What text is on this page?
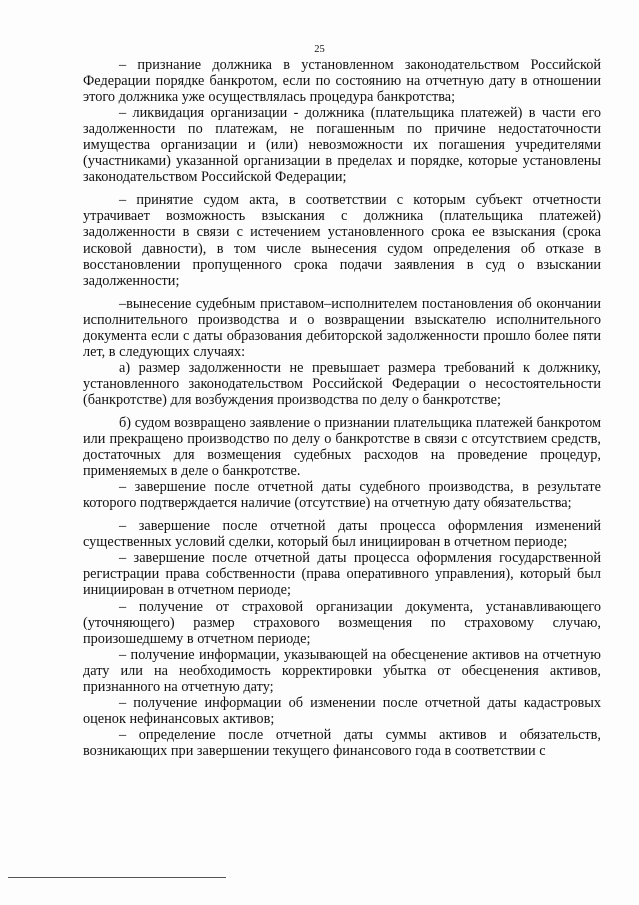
25

– признание должника в установленном законодательством Российской Федерации порядке банкротом, если по состоянию на отчетную дату в отношении этого должника уже осуществлялась процедура банкротства;

– ликвидация организации - должника (плательщика платежей) в части его задолженности по платежам, не погашенным по причине недостаточности имущества организации и (или) невозможности их погашения учредителями (участниками) указанной организации в пределах и порядке, которые установлены законодательством Российской Федерации;

– принятие судом акта, в соответствии с которым субъект отчетности утрачивает возможность взыскания с должника (плательщика платежей) задолженности в связи с истечением установленного срока ее взыскания (срока исковой давности), в том числе вынесения судом определения об отказе в восстановлении пропущенного срока подачи заявления в суд о взыскании задолженности;

–вынесение судебным приставом–исполнителем постановления об окончании исполнительного производства и о возвращении взыскателю исполнительного документа если с даты образования дебиторской задолженности прошло более пяти лет, в следующих случаях:

а) размер задолженности не превышает размера требований к должнику, установленного законодательством Российской Федерации о несостоятельности (банкротстве) для возбуждения производства по делу о банкротстве;

б) судом возвращено заявление о признании плательщика платежей банкротом или прекращено производство по делу о банкротстве в связи с отсутствием средств, достаточных для возмещения судебных расходов на проведение процедур, применяемых в деле о банкротстве.

– завершение после отчетной даты судебного производства, в результате которого подтверждается наличие (отсутствие) на отчетную дату обязательства;

– завершение после отчетной даты процесса оформления изменений существенных условий сделки, который был инициирован в отчетном периоде;

– завершение после отчетной даты процесса оформления государственной регистрации права собственности (права оперативного управления), который был инициирован в отчетном периоде;

– получение от страховой организации документа, устанавливающего (уточняющего) размер страхового возмещения по страховому случаю, произошедшему в отчетном периоде;

– получение информации, указывающей на обесценение активов на отчетную дату или на необходимость корректировки убытка от обесценения активов, признанного на отчетную дату;

– получение информации об изменении после отчетной даты кадастровых оценок нефинансовых активов;

– определение после отчетной даты суммы активов и обязательств, возникающих при завершении текущего финансового года в соответствии с
